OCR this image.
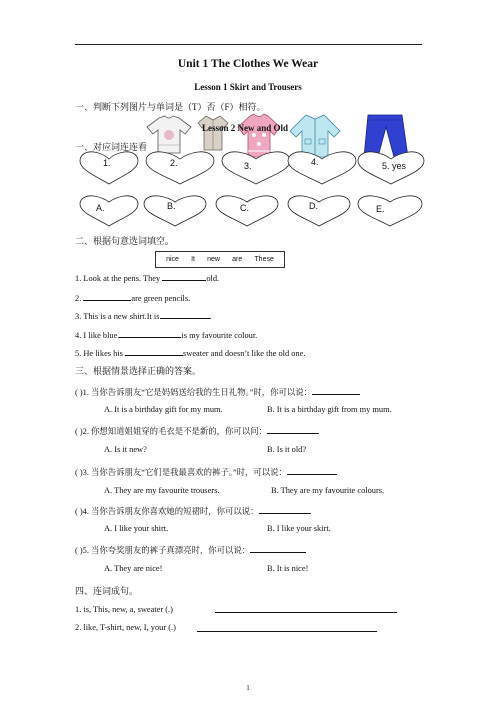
Unit 1 The Clothes We Wear
Lesson 1 Skirt and Trousers
一、判断下列图片与单词是（T）否（F）相符。
Lesson 2 New and Old
一、对应词连连看
1.	2.	3.	4.	5. yes
A.	B.	C.	D.	E.
二、根据句意选词填空。
nice It new are These
1. Look at the pens. They	old.
2.	are green pencils.
3. This is a new shirt.It is	.
4. I like blue.	is my favourite colour.
5. He likes his	sweater and doesn’t like the old one.
三、根据情景选择正确的答案。
( )1. 当你告诉朋友“它是妈妈送给我的生日礼物。”时，你可以说：
A. It is a birthday gift for my mum.	B. It is a birthday gift from my mum.
( )2. 你想知道姐姐穿的毛衣是不是新的，你可以问：
A. Is it new?	B. Is it old?
( )3. 当你告诉朋友“它们是我最喜欢的裤子。”时，可以说：
A. They are my favourite trousers.	B. They are my favourite colours.
( )4. 当你告诉朋友你喜欢她的短裙时，你可以说：
A. I like your shirt.	B. I like your skirt.
( )5. 当你夸奖朋友的裤子真漂亮时，你可以说：
A. They are nice!	B. It is nice!
四、连词成句。
1. is, This, new, a, sweater (.)
2. like, T-shirt, new, I, your (.)
1
